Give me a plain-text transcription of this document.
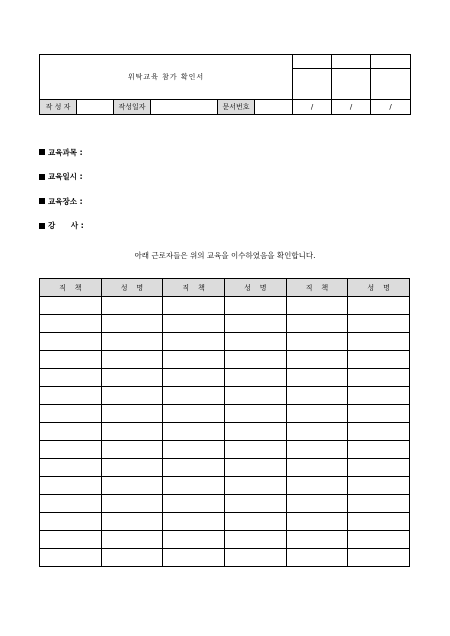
위탁교육 참가 확인서								

작 성 자		작성일자		문서번호		/	/	/
교육과목 :
교육일시 :
교육장소 :
강      사 :
아래 근로자들은 위의 교육을 이수하였음을 확인합니다.
직    책	성    명	직    책	성    명	직    책	성    명
